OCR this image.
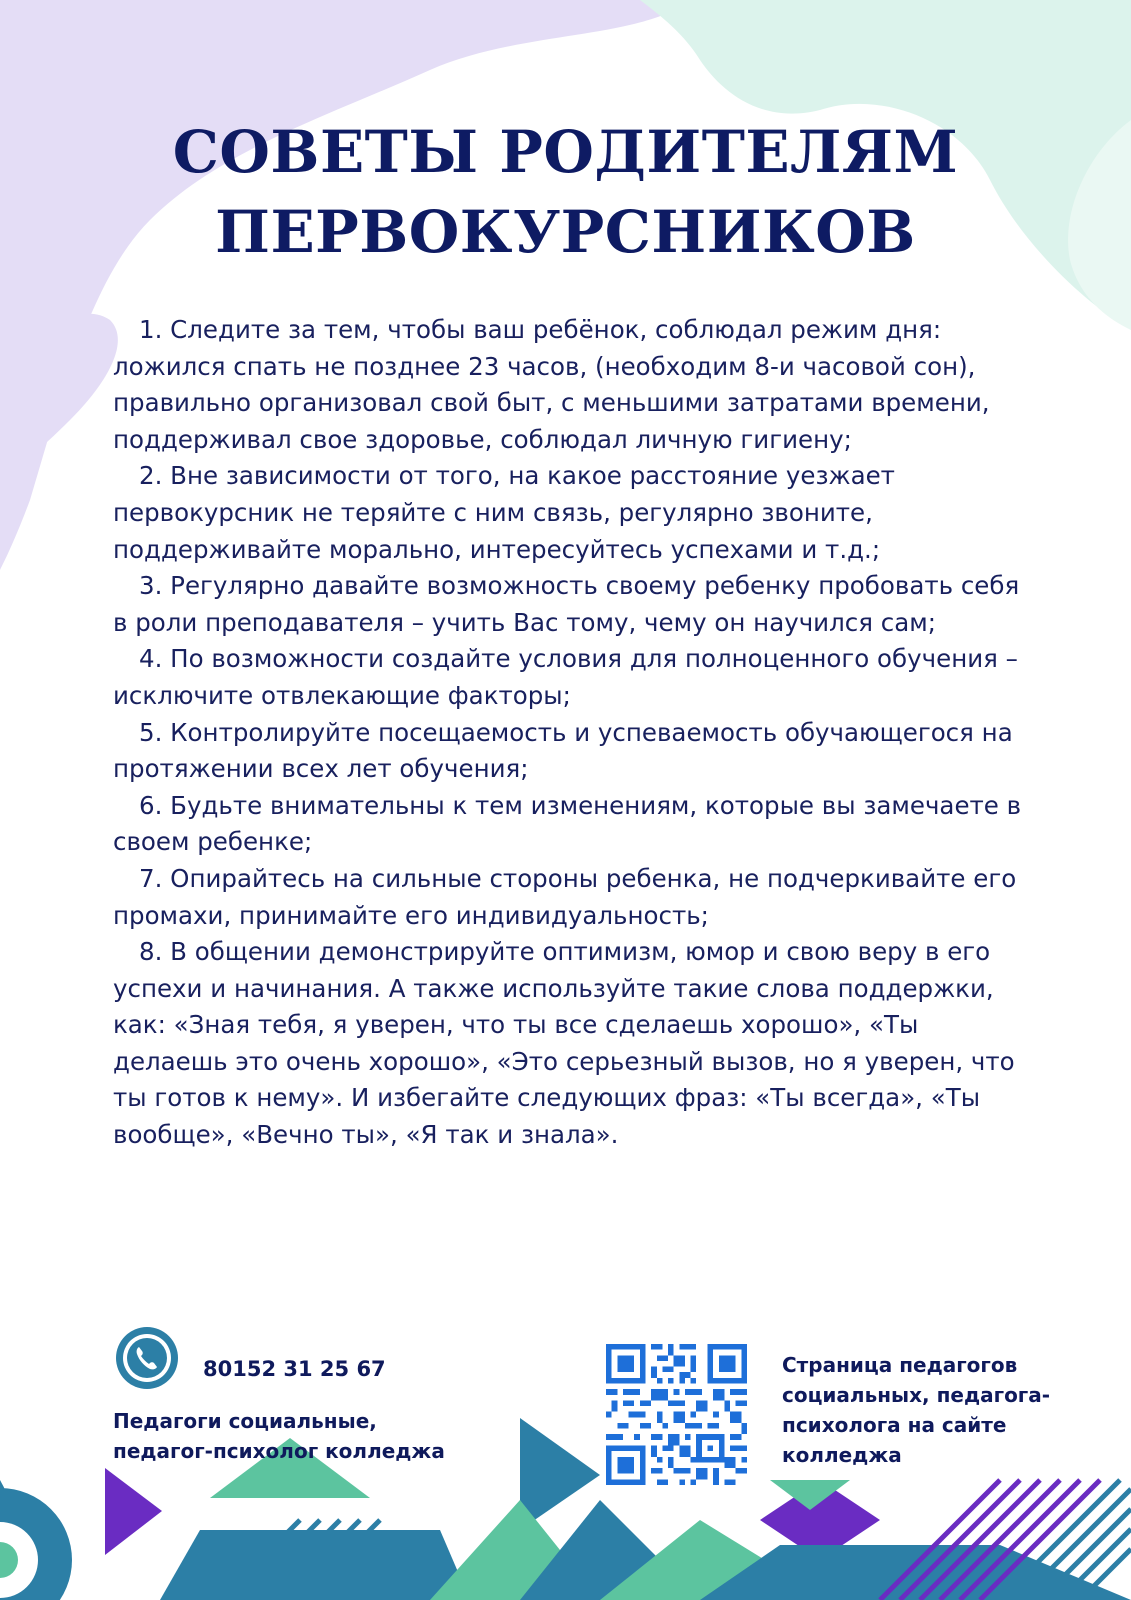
СОВЕТЫ РОДИТЕЛЯМ
ПЕРВОКУРСНИКОВ

1. Следите за тем, чтобы ваш ребёнок, соблюдал режим дня: ложился спать не позднее 23 часов, (необходим 8-и часовой сон), правильно организовал свой быт, с меньшими затратами времени, поддерживал свое здоровье, соблюдал личную гигиену;

2. Вне зависимости от того, на какое расстояние уезжает первокурсник не теряйте с ним связь, регулярно звоните, поддерживайте морально, интересуйтесь успехами и т.д.;

3. Регулярно давайте возможность своему ребенку пробовать себя в роли преподавателя – учить Вас тому, чему он научился сам;

4. По возможности создайте условия для полноценного обучения – исключите отвлекающие факторы;

5. Контролируйте посещаемость и успеваемость обучающегося на протяжении всех лет обучения;

6. Будьте внимательны к тем изменениям, которые вы замечаете в своем ребенке;

7. Опирайтесь на сильные стороны ребенка, не подчеркивайте его промахи, принимайте его индивидуальность;

8. В общении демонстрируйте оптимизм, юмор и свою веру в его успехи и начинания. А также используйте такие слова поддержки, как: «Зная тебя, я уверен, что ты все сделаешь хорошо», «Ты делаешь это очень хорошо», «Это серьезный вызов, но я уверен, что ты готов к нему». И избегайте следующих фраз: «Ты всегда», «Ты вообще», «Вечно ты», «Я так и знала».

80152 31 25 67
Педагоги социальные,
педагог-психолог колледжа
Страница педагогов
социальных, педагога-
психолога на сайте
колледжа
